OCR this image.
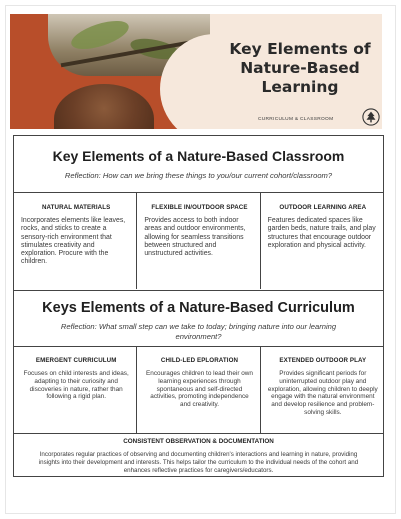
Key Elements of Nature-Based Learning

CURRICULUM & CLASSROOM

Key Elements of a Nature-Based Classroom

Reflection: How can we bring these things to you/our current cohort/classroom?

NATURAL MATERIALS

Incorporates elements like leaves, rocks, and sticks to create a sensory-rich environment that stimulates creativity and exploration. Procure with the children.

FLEXIBLE IN/OUTDOOR SPACE

Provides access to both indoor areas and outdoor environments, allowing for seamless transitions between structured and unstructured activities.

OUTDOOR LEARNING AREA

Features dedicated spaces like garden beds, nature trails, and play structures that encourage outdoor exploration and physical activity.

Keys Elements of a Nature-Based Curriculum

Reflection: What small step can we take to today; bringing nature into our learning environment?

EMERGENT CURRICULUM

Focuses on child interests and ideas, adapting to their curiosity and discoveries in nature, rather than following a rigid plan.

CHILD-LED EPLORATION

Encourages children to lead their own learning experiences through spontaneous and self-directed activities, promoting independence and creativity.

EXTENDED OUTDOOR PLAY

Provides significant periods for uninterrupted outdoor play and exploration, allowing children to deeply engage with the natural environment and develop resilience and problem-solving skills.

CONSISTENT OBSERVATION & DOCUMENTATION

Incorporates regular practices of observing and documenting children's interactions and learning in nature, providing insights into their development and interests. This helps tailor the curriculum to the individual needs of the cohort and enhances reflective practices for caregivers/educators.
